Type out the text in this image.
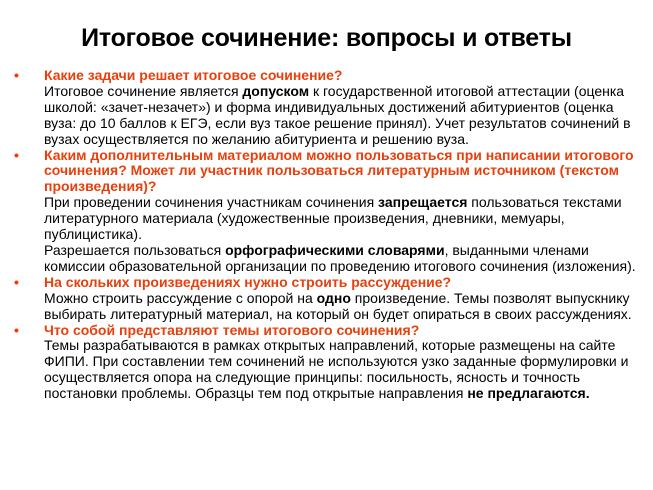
Итоговое сочинение: вопросы и ответы
•	Какие задачи решает итоговое сочинение?
Итоговое сочинение является допуском к государственной итоговой аттестации (оценка школой: «зачет-незачет») и форма индивидуальных достижений абитуриентов (оценка вуза: до 10 баллов к ЕГЭ, если вуз такое решение принял). Учет результатов сочинений в вузах осуществляется по желанию абитуриента и решению вуза.
•	Каким дополнительным материалом можно пользоваться при написании итогового сочинения? Может ли участник пользоваться литературным источником (текстом произведения)?
При проведении сочинения участникам сочинения запрещается пользоваться текстами литературного материала (художественные произведения, дневники, мемуары, публицистика).
Разрешается пользоваться орфографическими словарями, выданными членами комиссии образовательной организации по проведению итогового сочинения (изложения).
•	На скольких произведениях нужно строить рассуждение?
Можно строить рассуждение с опорой на одно произведение. Темы позволят выпускнику выбирать литературный материал, на который он будет опираться в своих рассуждениях.
•	Что собой представляют темы итогового сочинения?
Темы разрабатываются в рамках открытых направлений, которые размещены на сайте ФИПИ. При составлении тем сочинений не используются узко заданные формулировки и осуществляется опора на следующие принципы: посильность, ясность и точность постановки проблемы. Образцы тем под открытые направления не предлагаются.
